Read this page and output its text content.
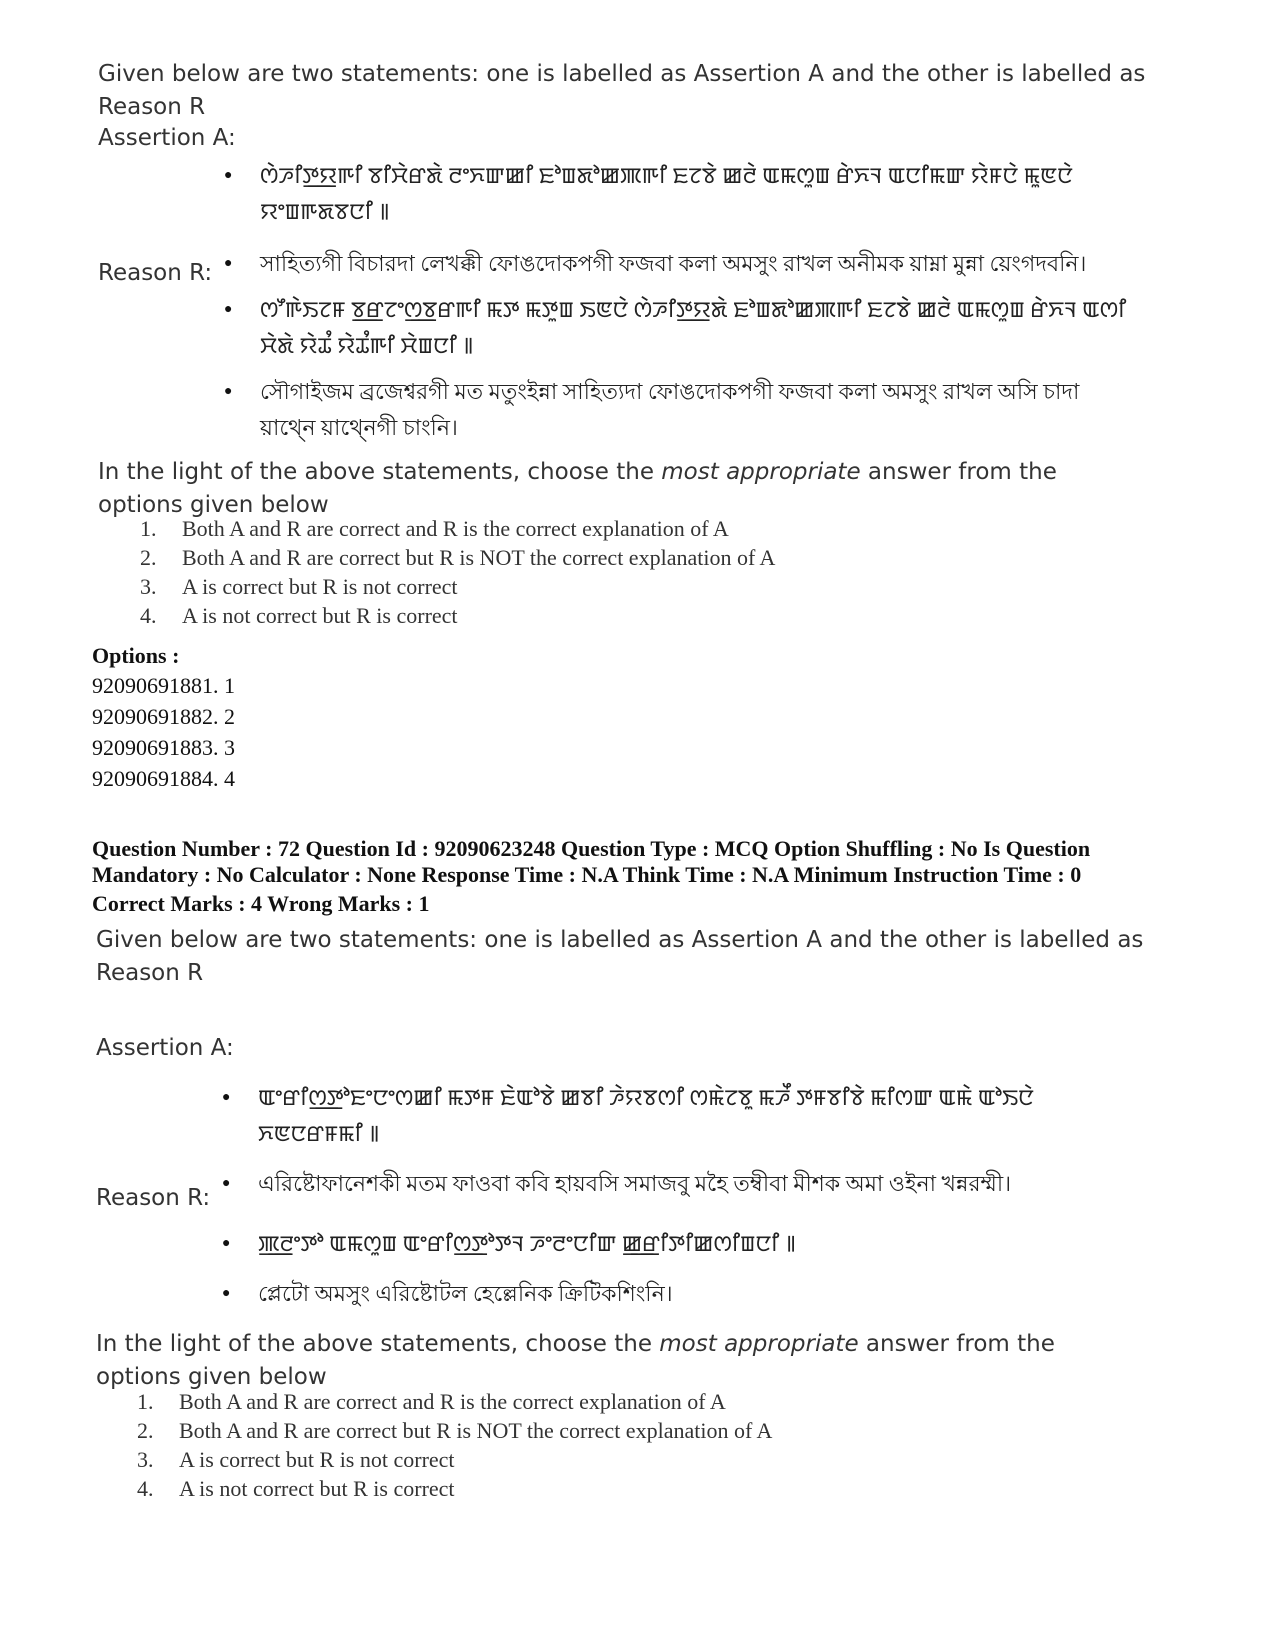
Given below are two statements: one is labelled as Assertion A and the other is labelled as Reason R
Assertion A:
● ꯁꯥꯍꯤꯇ꯭ꯌꯒꯤ ꯕꯤꯆꯥꯔꯗꯥ ꯂꯦꯈꯛꯀꯤ ꯐꯣꯡꯗꯣꯀꯄꯒꯤ ꯐꯖꯕꯥ ꯀꯂꯥ ꯑꯃꯁꯨꯡ ꯔꯥꯈꯜ ꯑꯅꯤꯃꯛ ꯌꯥꯝꯅꯥ ꯃꯨꯟꯅꯥ ꯌꯦꯡꯒꯗꯕꯅꯤ ꯫
● সাহিত্যগী বিচারদা লেখক্কী ফোঙদোকপগী ফজবা কলা অমসুং রাখল অনীমক য়াম্না মুন্না য়েংগদবনি।
Reason R:
● ꯁꯧꯒꯥꯏꯖꯝ ꯕ꯭ꯔꯖꯦꯁ꯭ꯕꯔꯒꯤ ꯃꯇ ꯃꯇꯨꯡ ꯏꯟꯅꯥ ꯁꯥꯍꯤꯇ꯭ꯌꯗꯥ ꯐꯣꯡꯗꯣꯀꯄꯒꯤ ꯐꯖꯕꯥ ꯀꯂꯥ ꯑꯃꯁꯨꯡ ꯔꯥꯈꯜ ꯑꯁꯤ ꯆꯥꯗꯥ ꯌꯥꯊꯪ ꯌꯥꯊꯪꯒꯤ ꯆꯥꯡꯅꯤ ꯫
● সৌগাইজম ব্রজেশ্বরগী মত মতুংইন্না সাহিত্যদা ফোঙদোকপগী ফজবা কলা অমসুং রাখল অসি চাদা য়াথ্নে য়াথ্নেগী চাংনি।
In the light of the above statements, choose the most appropriate answer from the options given below
1. Both A and R are correct and R is the correct explanation of A
2. Both A and R are correct but R is NOT the correct explanation of A
3. A is correct but R is not correct
4. A is not correct but R is correct
Options :
92090691881. 1
92090691882. 2
92090691883. 3
92090691884. 4
Question Number : 72 Question Id : 92090623248 Question Type : MCQ Option Shuffling : No Is Question
Mandatory : No Calculator : None Response Time : N.A Think Time : N.A Minimum Instruction Time : 0
Correct Marks : 4 Wrong Marks : 1
Given below are two statements: one is labelled as Assertion A and the other is labelled as Reason R
Assertion A:
● ꯑꯦꯔꯤꯁ꯭ꯇꯣꯐꯦꯅꯦꯁꯀꯤ ꯃꯇꯝ ꯐꯥꯑꯣꯕꯥ ꯀꯕꯤ ꯍꯥꯌꯕꯁꯤ ꯁꯃꯥꯖꯕꯨ ꯃꯍꯩ ꯇꯝꯕꯤꯕꯥ ꯃꯤꯁꯛ ꯑꯃꯥ ꯑꯣꯏꯅꯥ ꯈꯟꯅꯔꯝꯃꯤ ꯫
● এরিষ্টোফানেশকী মতম ফাওবা কবি হায়বসি সমাজবু মহৈ তম্বীবা মীশক অমা ওইনা খন্নরম্মী।
Reason R:
● ꯄ꯭ꯂꯦꯇꯣ ꯑꯃꯁꯨꯡ ꯑꯦꯔꯤꯁ꯭ꯇꯣꯇꯜ ꯍꯦꯂꯦꯅꯤꯛ ꯀ꯭ꯔꯤꯇꯤꯀꯁꯤꯡꯅꯤ ꯫
● প্লেটো অমসুং এরিষ্টোটল হেল্লেনিক ক্রিটিকশিংনি।
In the light of the above statements, choose the most appropriate answer from the options given below
1. Both A and R are correct and R is the correct explanation of A
2. Both A and R are correct but R is NOT the correct explanation of A
3. A is correct but R is not correct
4. A is not correct but R is correct
